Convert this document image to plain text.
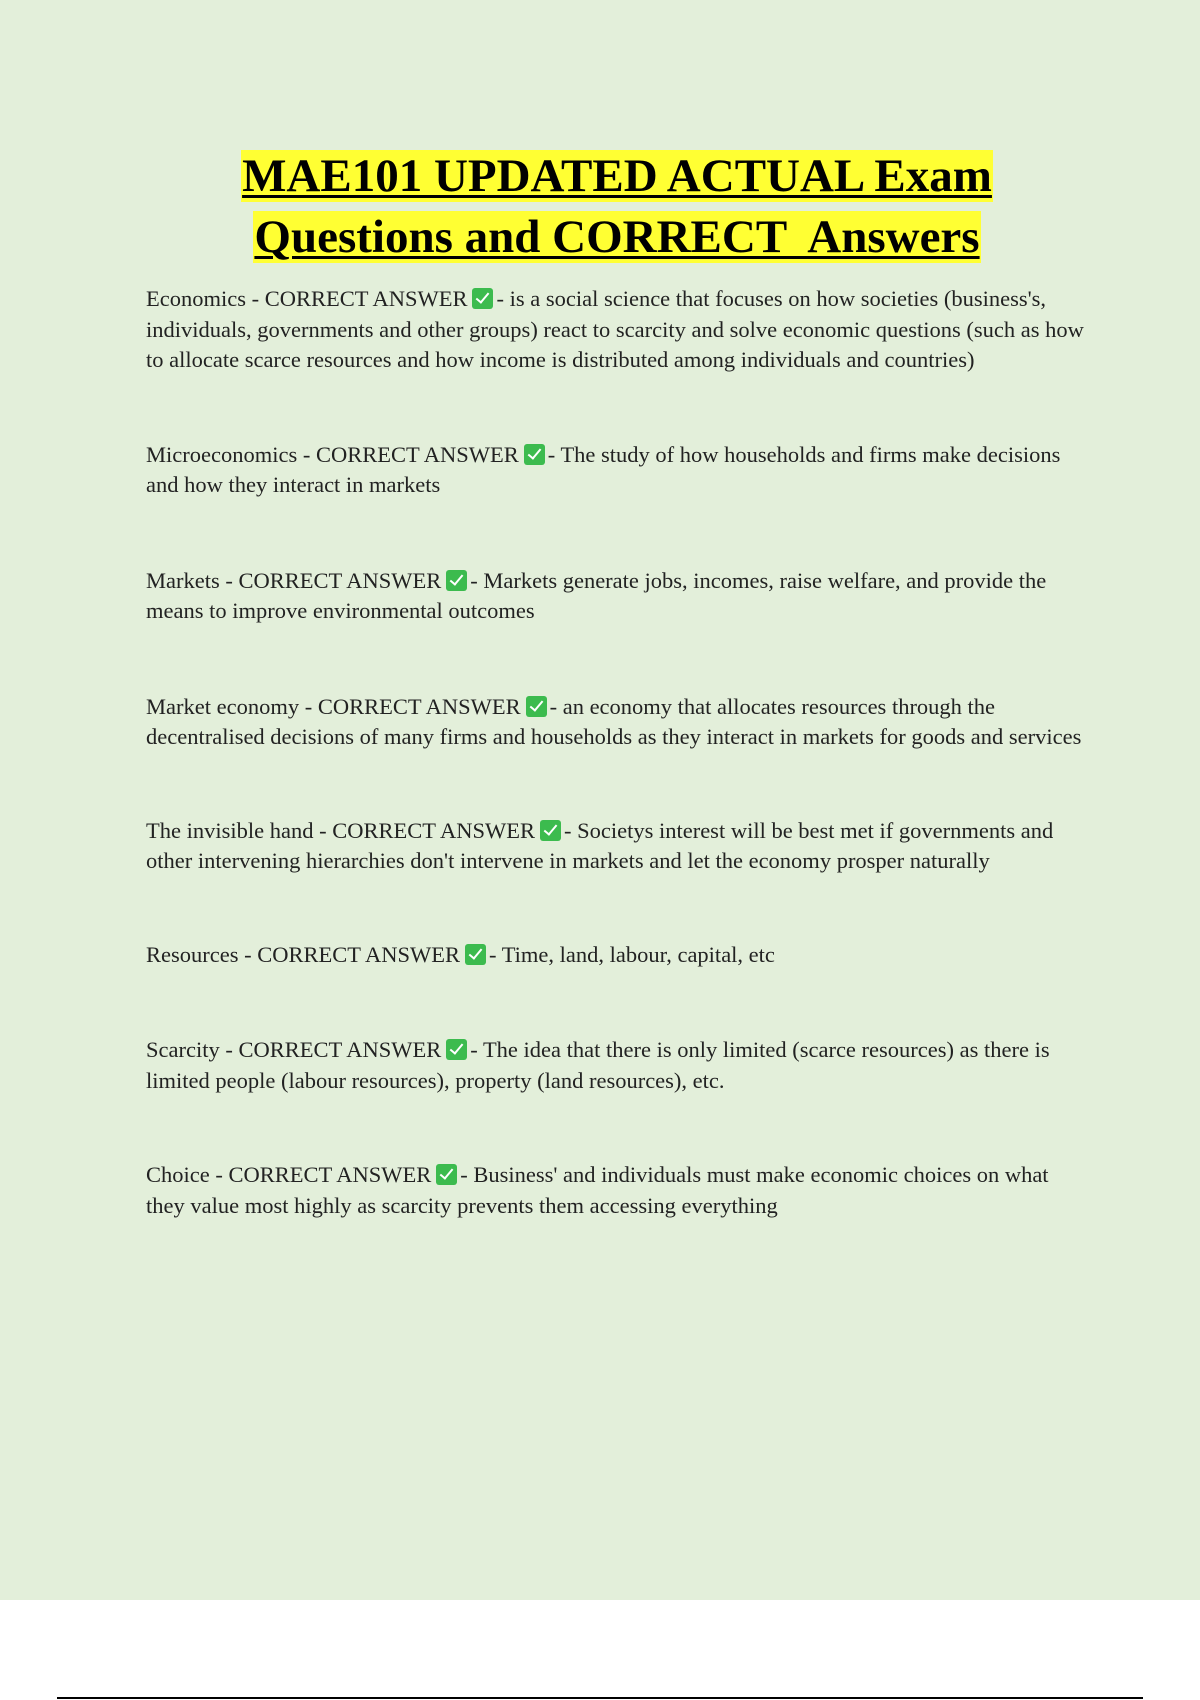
MAE101 UPDATED ACTUAL Exam
Questions and CORRECT  Answers

Economics - CORRECT ANSWER - is a social science that focuses on how societies (business's, individuals, governments and other groups) react to scarcity and solve economic questions (such as how to allocate scarce resources and how income is distributed among individuals and countries)

Microeconomics - CORRECT ANSWER - The study of how households and firms make decisions and how they interact in markets

Markets - CORRECT ANSWER - Markets generate jobs, incomes, raise welfare, and provide the means to improve environmental outcomes

Market economy - CORRECT ANSWER - an economy that allocates resources through the decentralised decisions of many firms and households as they interact in markets for goods and services

The invisible hand - CORRECT ANSWER - Societys interest will be best met if governments and other intervening hierarchies don't intervene in markets and let the economy prosper naturally

Resources - CORRECT ANSWER - Time, land, labour, capital, etc

Scarcity - CORRECT ANSWER - The idea that there is only limited (scarce resources) as there is limited people (labour resources), property (land resources), etc.

Choice - CORRECT ANSWER - Business' and individuals must make economic choices on what they value most highly as scarcity prevents them accessing everything
